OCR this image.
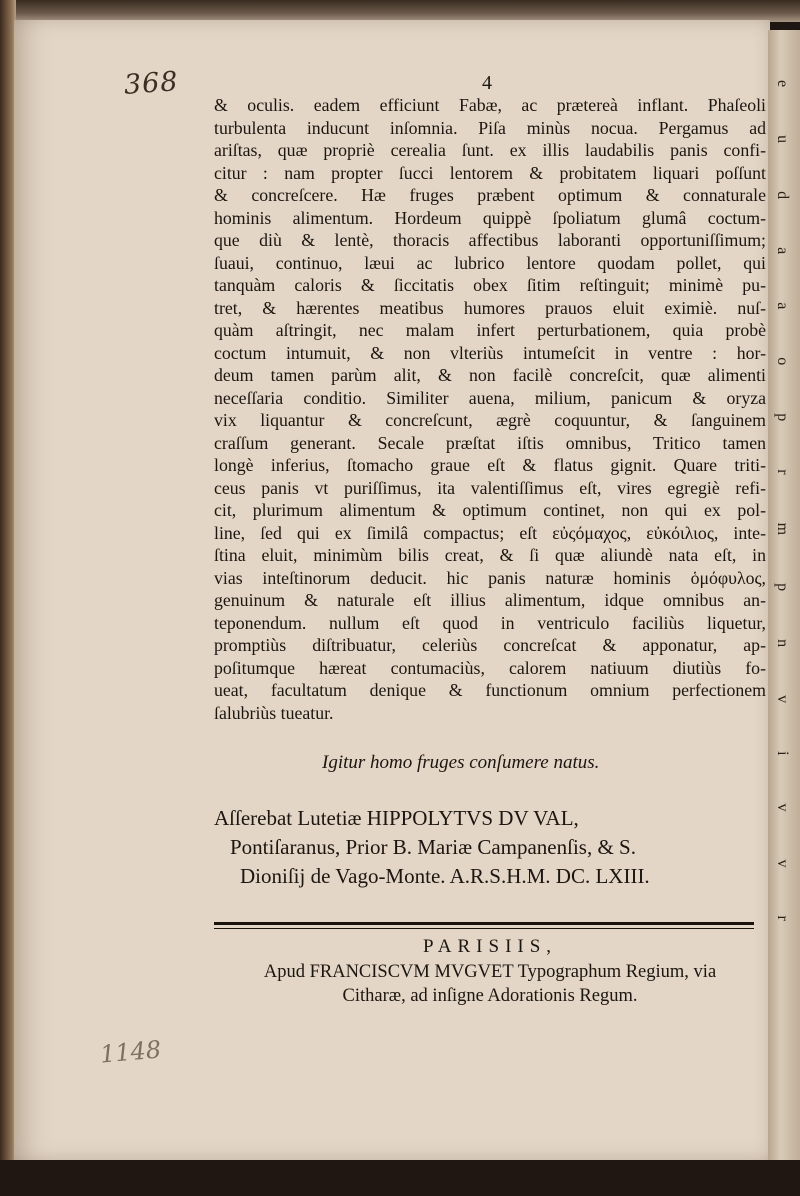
368	4
& oculis. eadem efficiunt Fabæ, ac prætereà inflant. Phaſeoli
turbulenta inducunt inſomnia. Piſa minùs nocua. Pergamus ad
ariſtas, quæ propriè cerealia ſunt. ex illis laudabilis panis confi-
citur : nam propter ſucci lentorem & probitatem liquari poſſunt
& concreſcere. Hæ fruges præbent optimum & connaturale
hominis alimentum. Hordeum quippè ſpoliatum glumâ coctum-
que diù & lentè, thoracis affectibus laboranti opportuniſſimum;
ſuaui, continuo, læui ac lubrico lentore quodam pollet, qui
tanquàm caloris & ſiccitatis obex ſitim reſtinguit; minimè pu-
tret, & hærentes meatibus humores prauos eluit eximiè. nuſ-
quàm aſtringit, nec malam infert perturbationem, quia probè
coctum intumuit, & non vlteriùs intumeſcit in ventre : hor-
deum tamen parùm alit, & non facilè concreſcit, quæ alimenti
neceſſaria conditio. Similiter auena, milium, panicum & oryza
vix liquantur & concreſcunt, ægrè coquuntur, & ſanguinem
craſſum generant. Secale præſtat iſtis omnibus, Tritico tamen
longè inferius, ſtomacho graue eſt & flatus gignit. Quare triti-
ceus panis vt puriſſimus, ita valentiſſimus eſt, vires egregiè refi-
cit, plurimum alimentum & optimum continet, non qui ex pol-
line, ſed qui ex ſimilâ compactus; eſt εὐςόμαχος, εὐκόιλιος, inte-
ſtina eluit, minimùm bilis creat, & ſi quæ aliundè nata eſt, in
vias inteſtinorum deducit. hic panis naturæ hominis ὁμόφυλος,
genuinum & naturale eſt illius alimentum, idque omnibus an-
teponendum. nullum eſt quod in ventriculo faciliùs liquetur,
promptiùs diſtribuatur, celeriùs concreſcat & apponatur, ap-
poſitumque hæreat contumaciùs, calorem natiuum diutiùs fo-
ueat, facultatum denique & functionum omnium perfectionem
ſalubriùs tueatur.
Igitur homo fruges conſumere natus.
Aſſerebat Lutetiæ HIPPOLYTVS DV VAL,
Pontiſaranus, Prior B. Mariæ Campanenſis, & S.
Dioniſij de Vago-Monte. A.R.S.H.M. DC. LXIII.
PARISIIS,
Apud FRANCISCVM MVGVET Typographum Regium, via
Citharæ, ad inſigne Adorationis Regum.
1148
